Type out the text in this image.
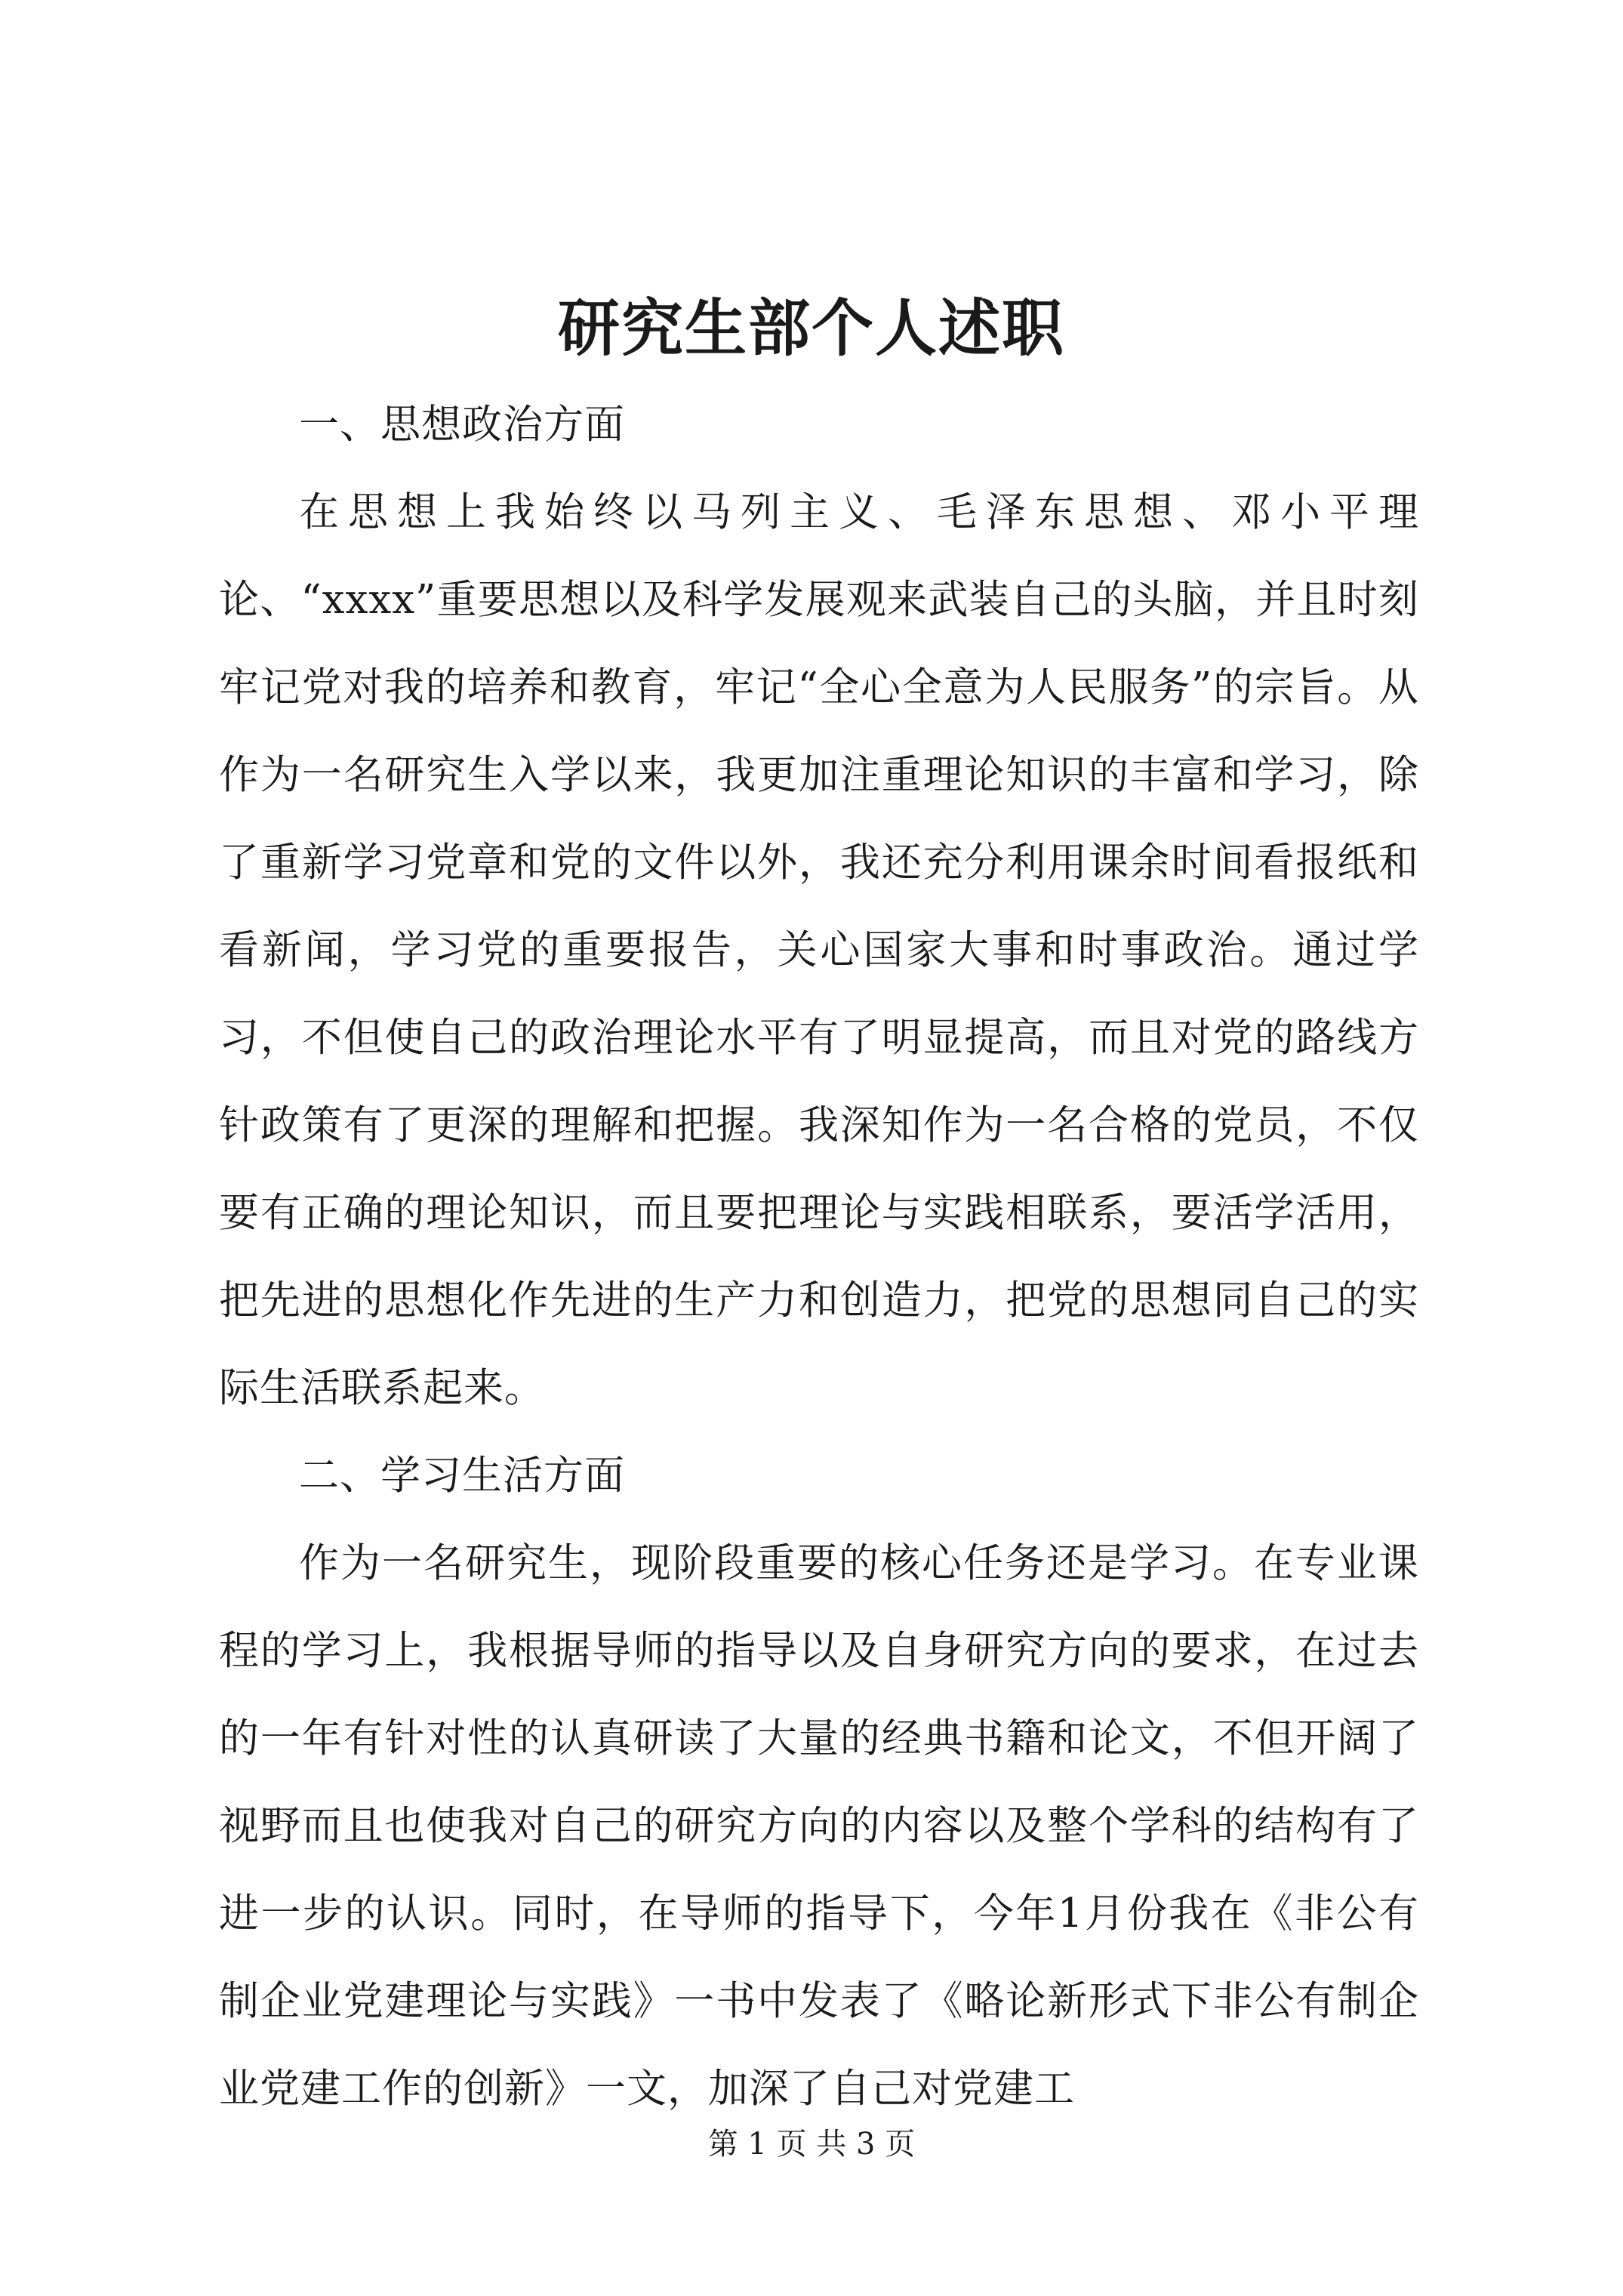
研究生部个人述职

一、思想政治方面

在思想上我始终以马列主义、毛泽东思想、邓小平理论、“xxxx”重要思想以及科学发展观来武装自己的头脑，并且时刻牢记党对我的培养和教育，牢记“全心全意为人民服务”的宗旨。从作为一名研究生入学以来，我更加注重理论知识的丰富和学习，除了重新学习党章和党的文件以外，我还充分利用课余时间看报纸和看新闻，学习党的重要报告，关心国家大事和时事政治。通过学习，不但使自己的政治理论水平有了明显提高，而且对党的路线方针政策有了更深的理解和把握。我深知作为一名合格的党员，不仅要有正确的理论知识，而且要把理论与实践相联系，要活学活用，把先进的思想化作先进的生产力和创造力，把党的思想同自己的实际生活联系起来。

二、学习生活方面

作为一名研究生，现阶段重要的核心任务还是学习。在专业课程的学习上，我根据导师的指导以及自身研究方向的要求，在过去的一年有针对性的认真研读了大量的经典书籍和论文，不但开阔了视野而且也使我对自己的研究方向的内容以及整个学科的结构有了进一步的认识。同时，在导师的指导下，今年1月份我在《非公有制企业党建理论与实践》一书中发表了《略论新形式下非公有制企业党建工作的创新》一文，加深了自己对党建工

第 1 页 共 3 页
